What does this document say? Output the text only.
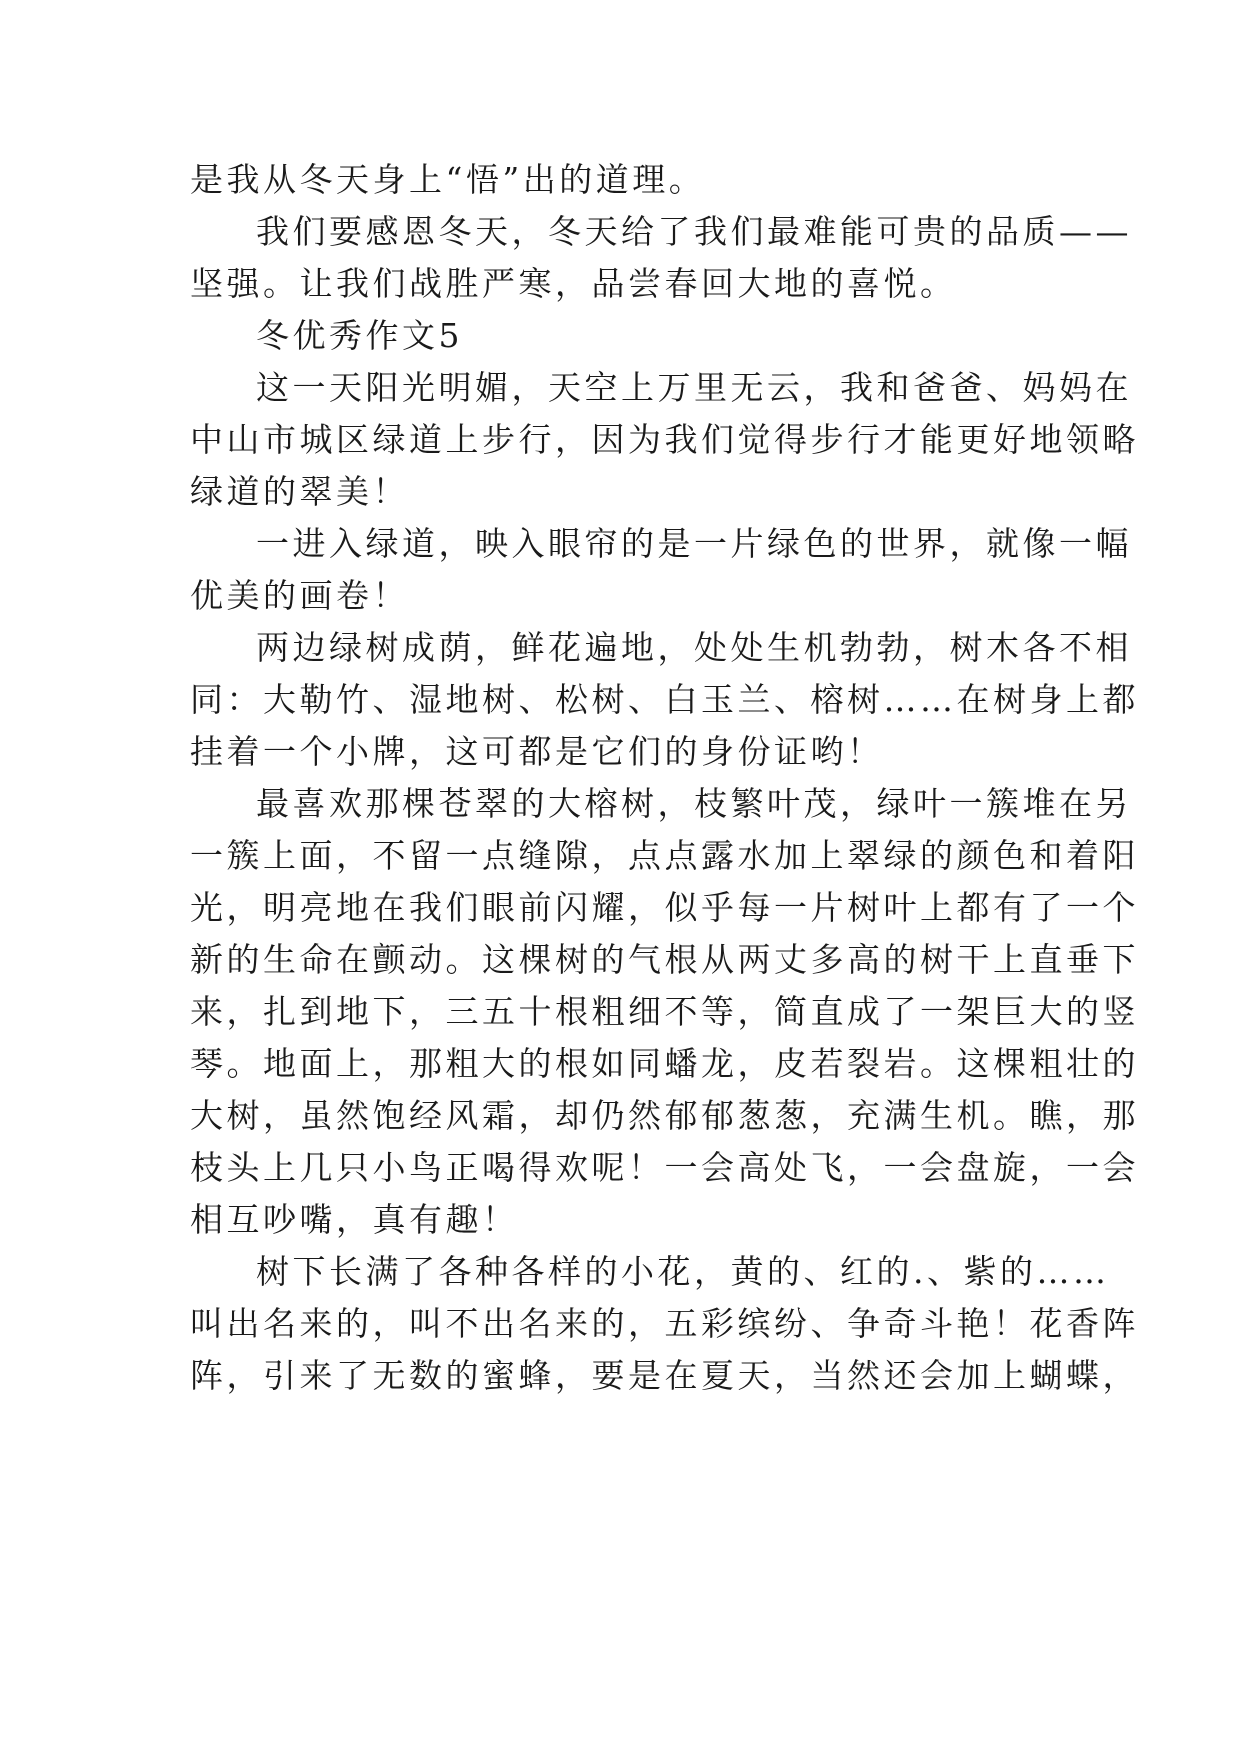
是我从冬天身上“悟”出的道理。
我们要感恩冬天，冬天给了我们最难能可贵的品质——
坚强。让我们战胜严寒，品尝春回大地的喜悦。
冬优秀作文5
这一天阳光明媚，天空上万里无云，我和爸爸、妈妈在
中山市城区绿道上步行，因为我们觉得步行才能更好地领略
绿道的翠美！
一进入绿道，映入眼帘的是一片绿色的世界，就像一幅
优美的画卷！
两边绿树成荫，鲜花遍地，处处生机勃勃，树木各不相
同：大勒竹、湿地树、松树、白玉兰、榕树……在树身上都
挂着一个小牌，这可都是它们的身份证哟！
最喜欢那棵苍翠的大榕树，枝繁叶茂，绿叶一簇堆在另
一簇上面，不留一点缝隙，点点露水加上翠绿的颜色和着阳
光，明亮地在我们眼前闪耀，似乎每一片树叶上都有了一个
新的生命在颤动。这棵树的气根从两丈多高的树干上直垂下
来，扎到地下，三五十根粗细不等，简直成了一架巨大的竖
琴。地面上，那粗大的根如同蟠龙，皮若裂岩。这棵粗壮的
大树，虽然饱经风霜，却仍然郁郁葱葱，充满生机。瞧，那
枝头上几只小鸟正喝得欢呢！一会高处飞，一会盘旋，一会
相互吵嘴，真有趣！
树下长满了各种各样的小花，黄的、红的.、紫的……
叫出名来的，叫不出名来的，五彩缤纷、争奇斗艳！花香阵
阵，引来了无数的蜜蜂，要是在夏天，当然还会加上蝴蝶，
